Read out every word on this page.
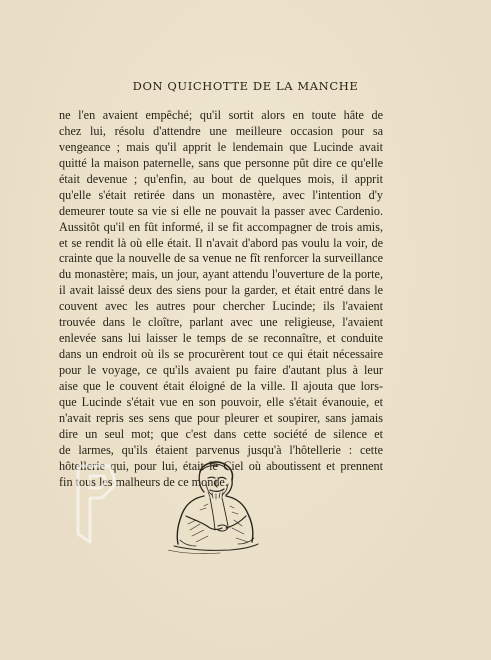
DON QUICHOTTE DE LA MANCHE
ne l'en avaient empêché; qu'il sortit alors en toute hâte de
chez lui, résolu d'attendre une meilleure occasion pour sa
vengeance ; mais qu'il apprit le lendemain que Lucinde avait
quitté la maison paternelle, sans que personne pût dire ce qu'elle
était devenue ; qu'enfin, au bout de quelques mois, il apprit
qu'elle s'était retirée dans un monastère, avec l'intention d'y
demeurer toute sa vie si elle ne pouvait la passer avec Cardenio.
Aussitôt qu'il en fût informé, il se fit accompagner de trois amis,
et se rendit là où elle était. Il n'avait d'abord pas voulu la voir, de
crainte que la nouvelle de sa venue ne fît renforcer la surveillance
du monastère; mais, un jour, ayant attendu l'ouverture de la porte,
il avait laissé deux des siens pour la garder, et était entré dans le
couvent avec les autres pour chercher Lucinde; ils l'avaient
trouvée dans le cloître, parlant avec une religieuse, l'avaient
enlevée sans lui laisser le temps de se reconnaître, et conduite
dans un endroit où ils se procurèrent tout ce qui était nécessaire
pour le voyage, ce qu'ils avaient pu faire d'autant plus à leur
aise que le couvent était éloigné de la ville. Il ajouta que lors-
que Lucinde s'était vue en son pouvoir, elle s'était évanouie, et
n'avait repris ses sens que pour pleurer et soupirer, sans jamais
dire un seul mot; que c'est dans cette société de silence et
de larmes, qu'ils étaient parvenus jusqu'à l'hôtellerie : cette
hôtellerie qui, pour lui, était le Ciel où aboutissent et prennent
fin tous les malheurs de ce monde.
